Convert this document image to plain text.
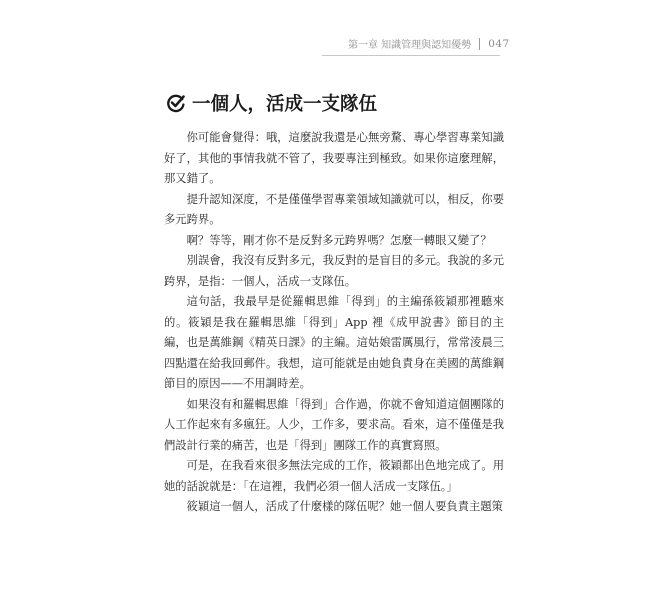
第一章 知識管理與認知優勢 047
一個人，活成一支隊伍

你可能會覺得：哦，這麼說我還是心無旁騖、專心學習專業知識好了，其他的事情我就不管了，我要專注到極致。如果你這麼理解，那又錯了。

提升認知深度，不是僅僅學習專業領域知識就可以，相反，你要多元跨界。

啊？等等，剛才你不是反對多元跨界嗎？怎麼一轉眼又變了？

別誤會，我沒有反對多元，我反對的是盲目的多元。我說的多元跨界，是指：一個人，活成一支隊伍。

這句話，我最早是從羅輯思維「得到」的主編孫筱穎那裡聽來的。筱穎是我在羅輯思維「得到」App 裡《成甲說書》節目的主編，也是萬維鋼《精英日課》的主編。這姑娘雷厲風行，常常淩晨三四點還在給我回郵件。我想，這可能就是由她負責身在美國的萬維鋼節目的原因——不用調時差。

如果沒有和羅輯思維「得到」合作過，你就不會知道這個團隊的人工作起來有多瘋狂。人少，工作多，要求高。看來，這不僅僅是我們設計行業的痛苦，也是「得到」團隊工作的真實寫照。

可是，在我看來很多無法完成的工作，筱穎都出色地完成了。用她的話說就是：「在這裡，我們必須一個人活成一支隊伍。」

筱穎這一個人，活成了什麼樣的隊伍呢？她一個人要負責主題策
